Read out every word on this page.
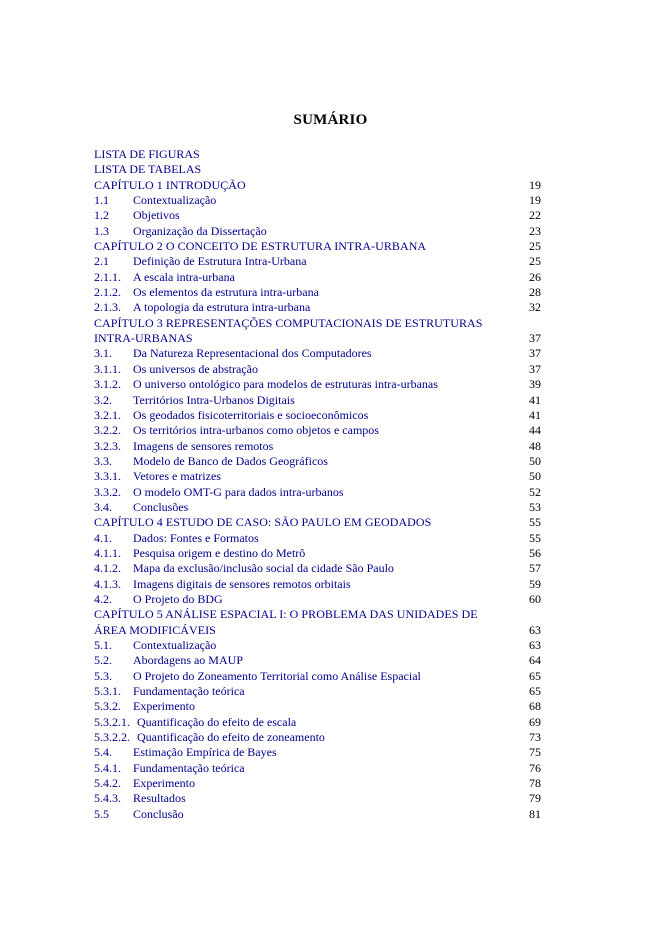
SUMÁRIO
LISTA DE FIGURAS
LISTA DE TABELAS
CAPÍTULO 1 INTRODUÇÃO	19
1.1 Contextualização	19
1.2 Objetivos	22
1.3 Organização da Dissertação	23
CAPÍTULO 2 O CONCEITO DE ESTRUTURA INTRA-URBANA	25
2.1 Definição de Estrutura Intra-Urbana	25
2.1.1. A escala intra-urbana	26
2.1.2. Os elementos da estrutura intra-urbana	28
2.1.3. A topologia da estrutura intra-urbana	32
CAPÍTULO 3 REPRESENTAÇÕES COMPUTACIONAIS DE ESTRUTURAS
INTRA-URBANAS	37
3.1. Da Natureza Representacional dos Computadores	37
3.1.1. Os universos de abstração	37
3.1.2. O universo ontológico para modelos de estruturas intra-urbanas	39
3.2. Territórios Intra-Urbanos Digitais	41
3.2.1. Os geodados fisicoterritoriais e socioeconômicos	41
3.2.2. Os territórios intra-urbanos como objetos e campos	44
3.2.3. Imagens de sensores remotos	48
3.3. Modelo de Banco de Dados Geográficos	50
3.3.1. Vetores e matrizes	50
3.3.2. O modelo OMT-G para dados intra-urbanos	52
3.4. Conclusões	53
CAPÍTULO 4 ESTUDO DE CASO: SÃO PAULO EM GEODADOS	55
4.1. Dados: Fontes e Formatos	55
4.1.1. Pesquisa origem e destino do Metrô	56
4.1.2. Mapa da exclusão/inclusão social da cidade São Paulo	57
4.1.3. Imagens digitais de sensores remotos orbitais	59
4.2. O Projeto do BDG	60
CAPÍTULO 5 ANÁLISE ESPACIAL I: O PROBLEMA DAS UNIDADES DE
ÁREA MODIFICÁVEIS	63
5.1. Contextualização	63
5.2. Abordagens ao MAUP	64
5.3. O Projeto do Zoneamento Territorial como Análise Espacial	65
5.3.1. Fundamentação teórica	65
5.3.2. Experimento	68
5.3.2.1. Quantificação do efeito de escala	69
5.3.2.2. Quantificação do efeito de zoneamento	73
5.4. Estimação Empírica de Bayes	75
5.4.1. Fundamentação teórica	76
5.4.2. Experimento	78
5.4.3. Resultados	79
5.5 Conclusão	81
